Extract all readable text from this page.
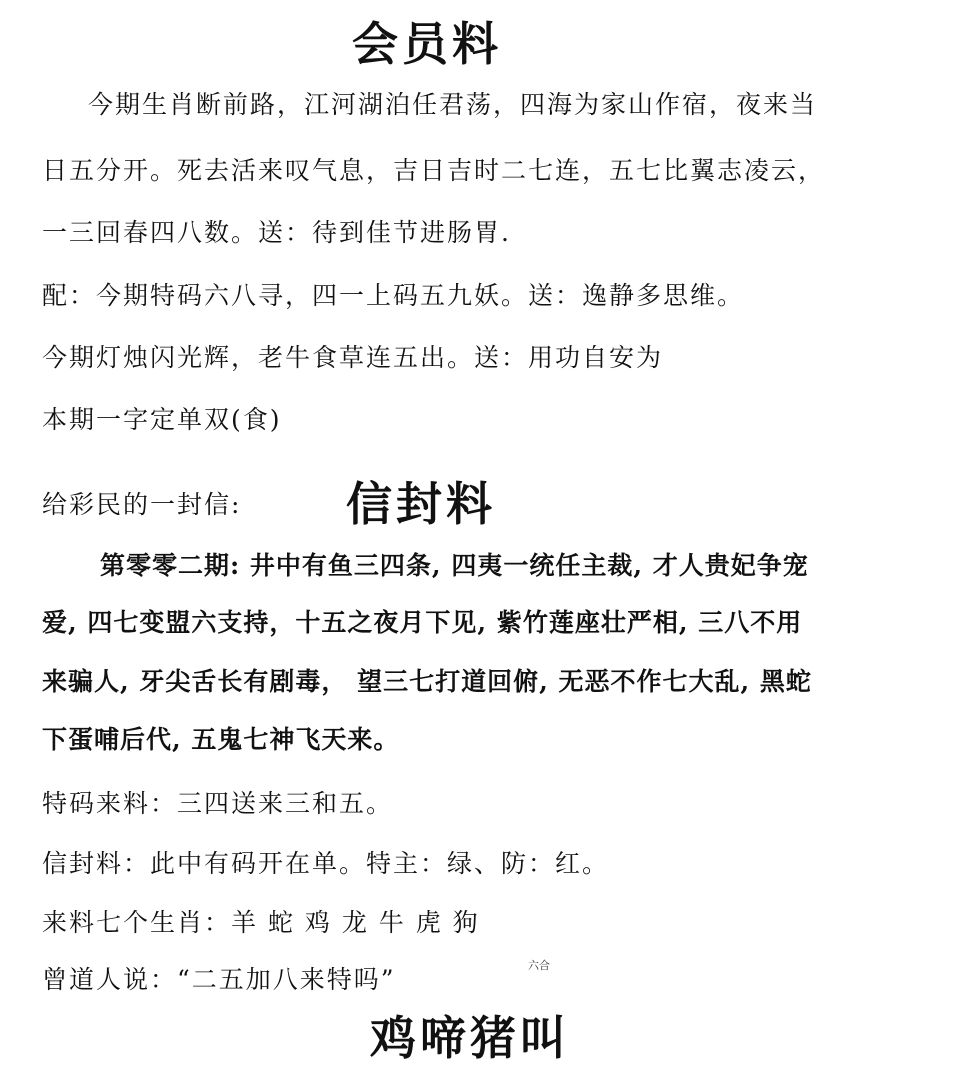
会员料
今期生肖断前路，江河湖泊任君荡，四海为家山作宿，夜来当
日五分开。死去活来叹气息，吉日吉时二七连，五七比翼志凌云，
一三回春四八数。送：待到佳节进肠胃.
配：今期特码六八寻，四一上码五九妖。送：逸静多思维。
今期灯烛闪光辉，老牛食草连五出。送：用功自安为
本期一字定单双(食)
给彩民的一封信: 信封料
第零零二期: 井中有鱼三四条, 四夷一统任主裁, 才人贵妃争宠
爱, 四七变盟六支持，十五之夜月下见, 紫竹莲座壮严相, 三八不用
来骗人, 牙尖舌长有剧毒， 望三七打道回俯, 无恶不作七大乱, 黑蛇
下蛋哺后代, 五鬼七神飞天来。
特码来料：三四送来三和五。
信封料：此中有码开在单。特主：绿、防：红。
来料七个生肖：羊 蛇 鸡 龙 牛 虎 狗
曾道人说：“二五加八来特吗”	六合
鸡啼猪叫
